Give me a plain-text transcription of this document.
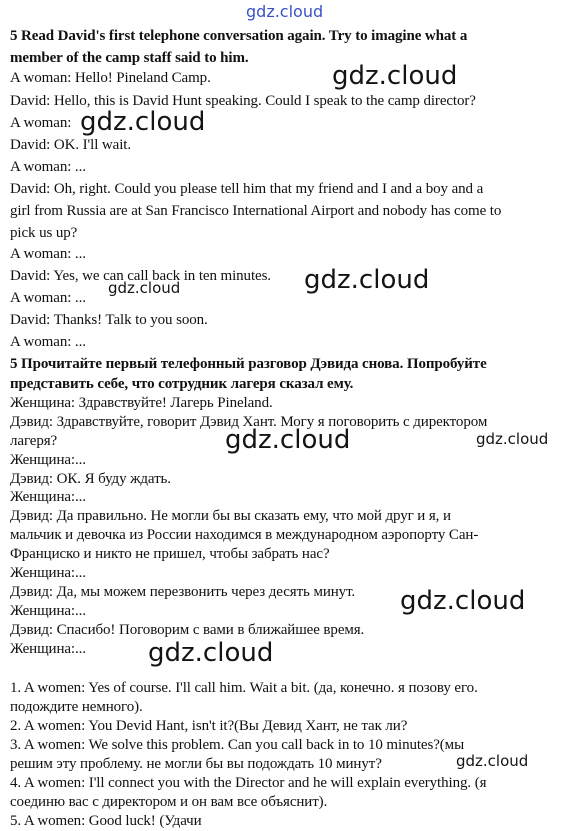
gdz.cloud
5 Read David's first telephone conversation again. Try to imagine what a
member of the camp staff said to him.
A woman: Hello! Pineland Camp.
David: Hello, this is David Hunt speaking. Could I speak to the camp director?
A woman:
David: OK. I'll wait.
A woman: ...
David: Oh, right. Could you please tell him that my friend and I and a boy and a
girl from Russia are at San Francisco International Airport and nobody has come to
pick us up?
A woman: ...
David: Yes, we can call back in ten minutes.
A woman: ...
David: Thanks! Talk to you soon.
A woman: ...
5 Прочитайте первый телефонный разговор Дэвида снова. Попробуйте
представить себе, что сотрудник лагеря сказал ему.
Женщина: Здравствуйте! Лагерь Pineland.
Дэвид: Здравствуйте, говорит Дэвид Хант. Могу я поговорить с директором
лагеря?
Женщина:...
Дэвид: ОК. Я буду ждать.
Женщина:...
Дэвид: Да правильно. Не могли бы вы сказать ему, что мой друг и я, и
мальчик и девочка из России находимся в международном аэропорту Сан-
Франциско и никто не пришел, чтобы забрать нас?
Женщина:...
Дэвид: Да, мы можем перезвонить через десять минут.
Женщина:...
Дэвид: Спасибо! Поговорим с вами в ближайшее время.
Женщина:...
1. A women: Yes of course. I'll call him. Wait a bit. (да, конечно. я позову его.
подождите немного).
2. A women: You Devid Hant, isn't it?(Вы Девид Хант, не так ли?
3. A women: We solve this problem. Can you call back in to 10 minutes?(мы
решим эту проблему. не могли бы вы подождать 10 минут?
4. A women: I'll connect you with the Director and he will explain everything. (я
соединю вас с директором и он вам все объяснит).
5. A women: Good luck! (Удачи
gdz.cloud
gdz.cloud
gdz.cloud
gdz.cloud
gdz.cloud	gdz.cloud
gdz.cloud
gdz.cloud
gdz.cloud
